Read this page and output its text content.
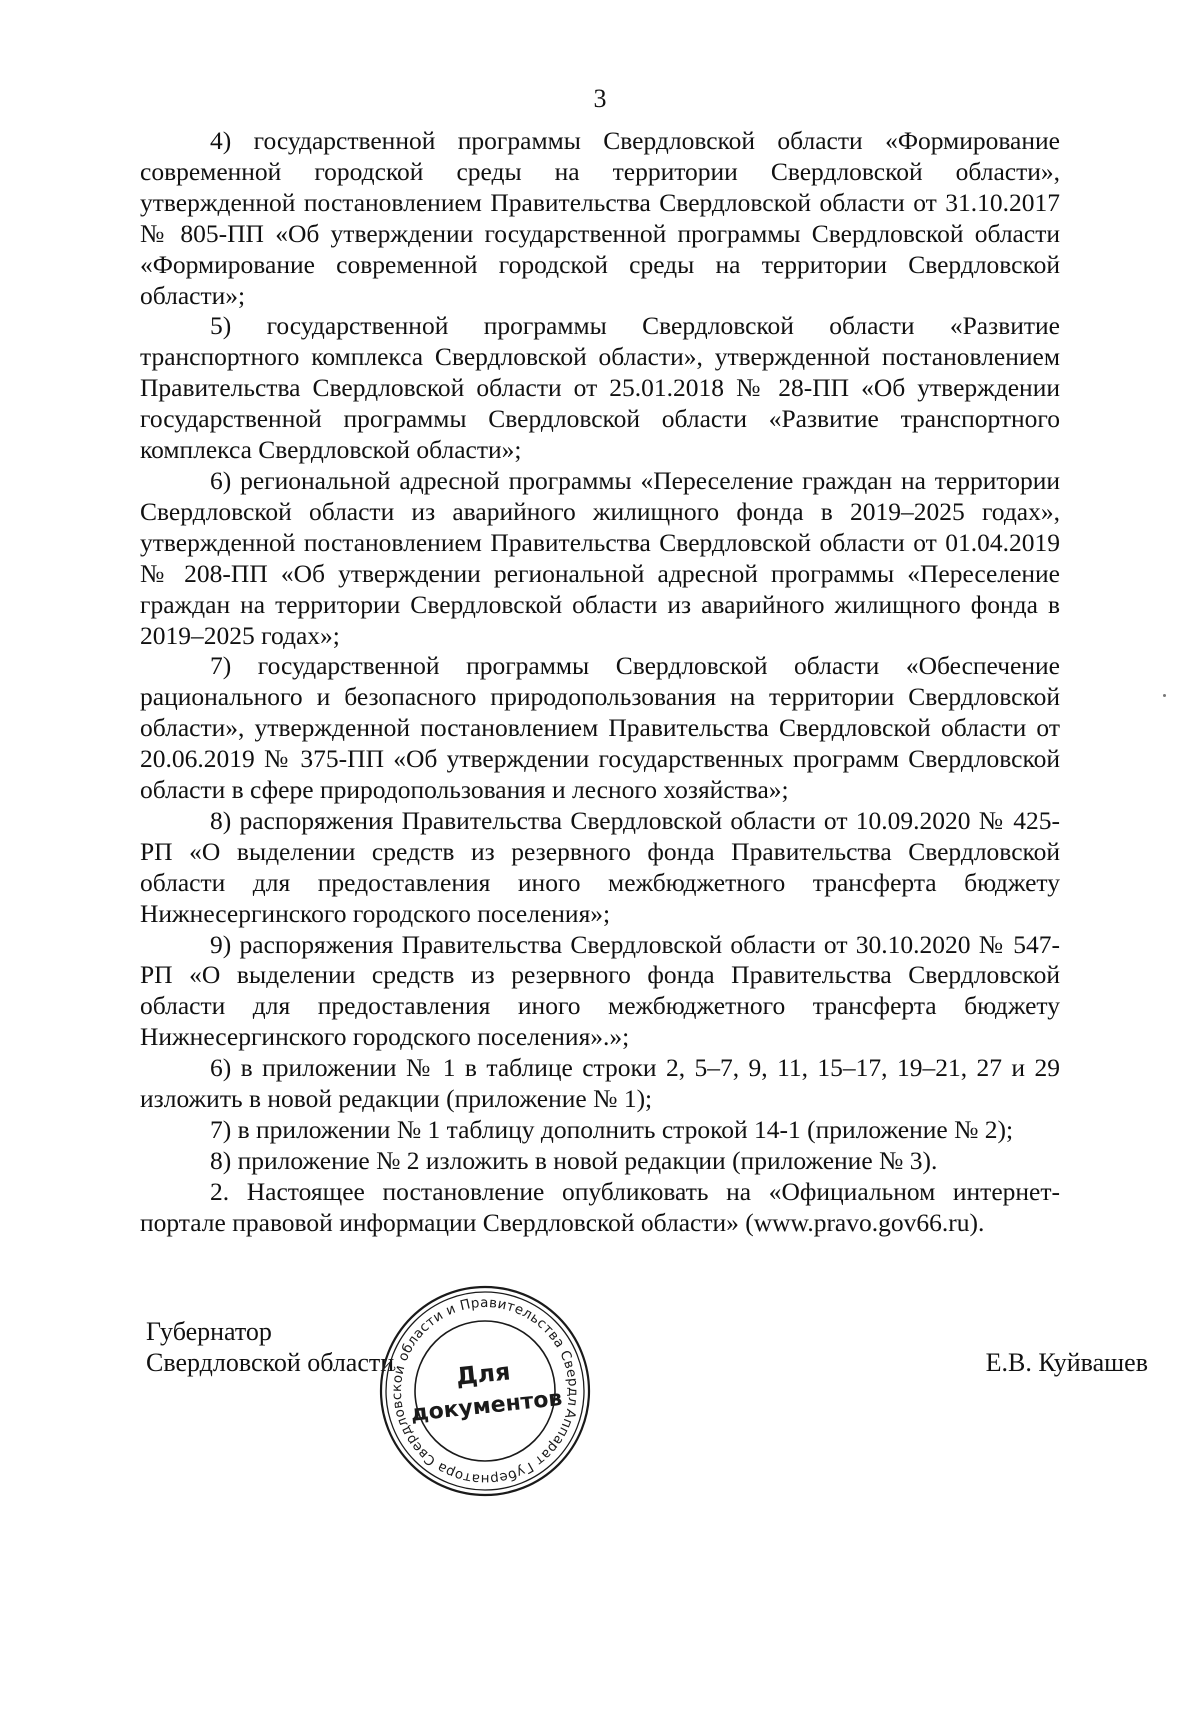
3

4) государственной программы Свердловской области «Формирование современной городской среды на территории Свердловской области», утвержденной постановлением Правительства Свердловской области от 31.10.2017 № 805-ПП «Об утверждении государственной программы Свердловской области «Формирование современной городской среды на территории Свердловской области»;

5) государственной программы Свердловской области «Развитие транспортного комплекса Свердловской области», утвержденной постановлением Правительства Свердловской области от 25.01.2018 № 28-ПП «Об утверждении государственной программы Свердловской области «Развитие транспортного комплекса Свердловской области»;

6) региональной адресной программы «Переселение граждан на территории Свердловской области из аварийного жилищного фонда в 2019–2025 годах», утвержденной постановлением Правительства Свердловской области от 01.04.2019 № 208-ПП «Об утверждении региональной адресной программы «Переселение граждан на территории Свердловской области из аварийного жилищного фонда в 2019–2025 годах»;

7) государственной программы Свердловской области «Обеспечение рационального и безопасного природопользования на территории Свердловской области», утвержденной постановлением Правительства Свердловской области от 20.06.2019 № 375-ПП «Об утверждении государственных программ Свердловской области в сфере природопользования и лесного хозяйства»;

8) распоряжения Правительства Свердловской области от 10.09.2020 № 425-РП «О выделении средств из резервного фонда Правительства Свердловской области для предоставления иного межбюджетного трансферта бюджету Нижнесергинского городского поселения»;

9) распоряжения Правительства Свердловской области от 30.10.2020 № 547-РП «О выделении средств из резервного фонда Правительства Свердловской области для предоставления иного межбюджетного трансферта бюджету Нижнесергинского городского поселения».»;

6) в приложении № 1 в таблице строки 2, 5–7, 9, 11, 15–17, 19–21, 27 и 29 изложить в новой редакции (приложение № 1);

7) в приложении № 1 таблицу дополнить строкой 14-1 (приложение № 2);

8) приложение № 2 изложить в новой редакции (приложение № 3).

2. Настоящее постановление опубликовать на «Официальном интернет-портале правовой информации Свердловской области» (www.pravo.gov66.ru).

Губернатор
Свердловской области
Аппарат Губернатора Свердловской области и Правительства Свердловской
Для
документов
Е.В. Куйвашев
